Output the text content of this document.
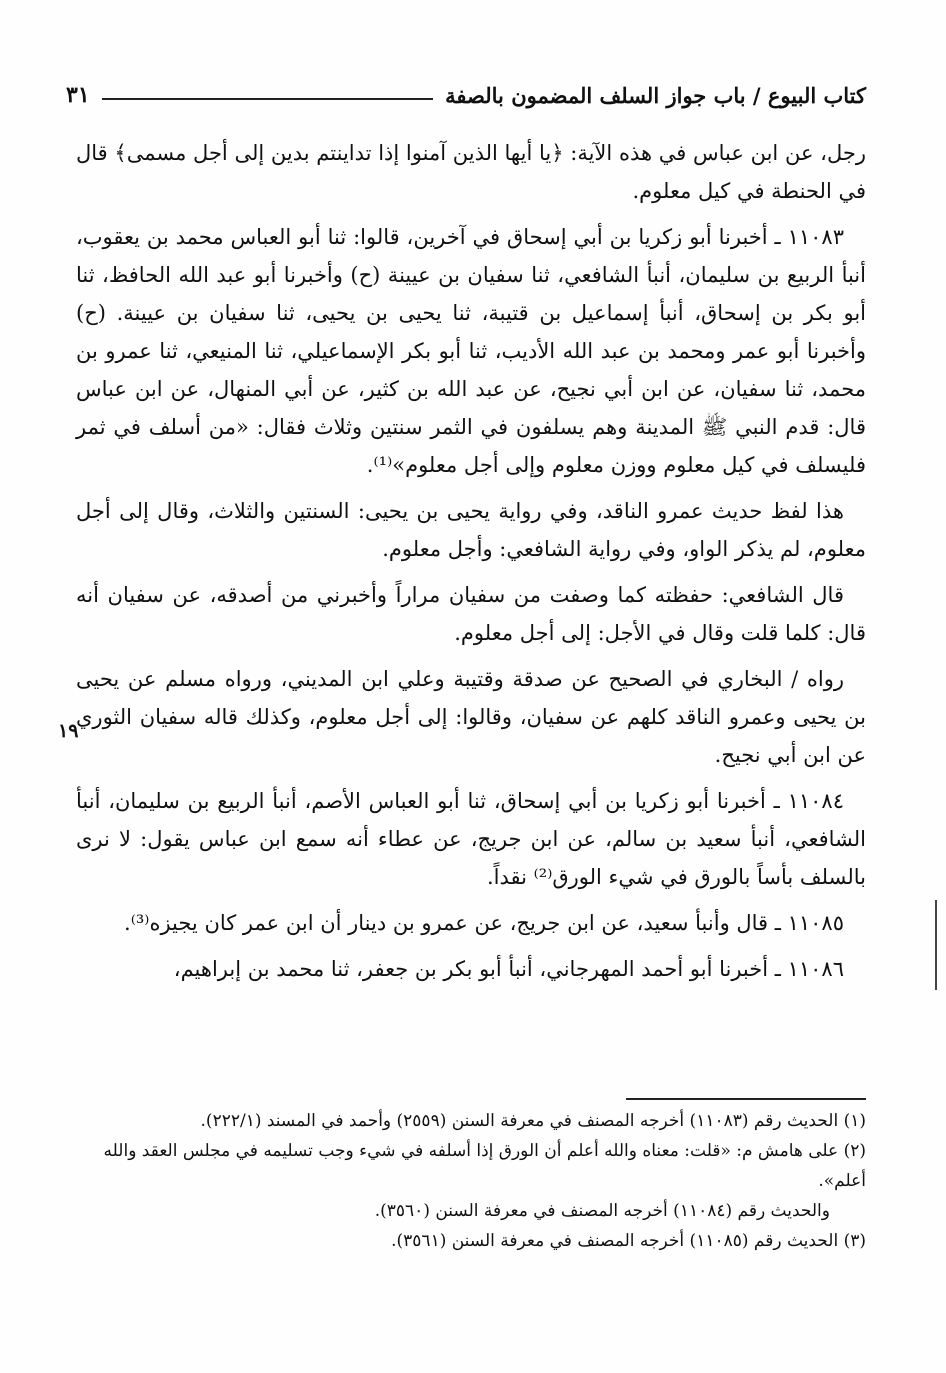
كتاب البيوع / باب جواز السلف المضمون بالصفة
٣١

رجل، عن ابن عباس في هذه الآية: ﴿يا أيها الذين آمنوا إذا تداينتم بدين إلى أجل مسمى﴾ قال في الحنطة في كيل معلوم.

١١٠٨٣ ـ أخبرنا أبو زكريا بن أبي إسحاق في آخرين، قالوا: ثنا أبو العباس محمد بن يعقوب، أنبأ الربيع بن سليمان، أنبأ الشافعي، ثنا سفيان بن عيينة (ح) وأخبرنا أبو عبد الله الحافظ، ثنا أبو بكر بن إسحاق، أنبأ إسماعيل بن قتيبة، ثنا يحيى بن يحيى، ثنا سفيان بن عيينة. (ح) وأخبرنا أبو عمر ومحمد بن عبد الله الأديب، ثنا أبو بكر الإسماعيلي، ثنا المنيعي، ثنا عمرو بن محمد، ثنا سفيان، عن ابن أبي نجيح، عن عبد الله بن كثير، عن أبي المنهال، عن ابن عباس قال: قدم النبي ﷺ المدينة وهم يسلفون في الثمر سنتين وثلاث فقال: «من أسلف في ثمر فليسلف في كيل معلوم ووزن معلوم وإلى أجل معلوم»⁽¹⁾.

هذا لفظ حديث عمرو الناقد، وفي رواية يحيى بن يحيى: السنتين والثلاث، وقال إلى أجل معلوم، لم يذكر الواو، وفي رواية الشافعي: وأجل معلوم.

قال الشافعي: حفظته كما وصفت من سفيان مراراً وأخبرني من أصدقه، عن سفيان أنه قال: كلما قلت وقال في الأجل: إلى أجل معلوم.

رواه / البخاري في الصحيح عن صدقة وقتيبة وعلي ابن المديني، ورواه مسلم عن يحيى بن يحيى وعمرو الناقد كلهم عن سفيان، وقالوا: إلى أجل معلوم، وكذلك قاله سفيان الثوري عن ابن أبي نجيح.

١١٠٨٤ ـ أخبرنا أبو زكريا بن أبي إسحاق، ثنا أبو العباس الأصم، أنبأ الربيع بن سليمان، أنبأ الشافعي، أنبأ سعيد بن سالم، عن ابن جريج، عن عطاء أنه سمع ابن عباس يقول: لا نرى بالسلف بأساً بالورق في شيء الورق⁽²⁾ نقداً.

١١٠٨٥ ـ قال وأنبأ سعيد، عن ابن جريج، عن عمرو بن دينار أن ابن عمر كان يجيزه⁽³⁾.

١١٠٨٦ ـ أخبرنا أبو أحمد المهرجاني، أنبأ أبو بكر بن جعفر، ثنا محمد بن إبراهيم،

١٩

(١) الحديث رقم (١١٠٨٣) أخرجه المصنف في معرفة السنن (٢٥٥٩) وأحمد في المسند (٢٢٢/١).

(٢) على هامش م: «قلت: معناه والله أعلم أن الورق إذا أسلفه في شيء وجب تسليمه في مجلس العقد والله أعلم».

والحديث رقم (١١٠٨٤) أخرجه المصنف في معرفة السنن (٣٥٦٠).

(٣) الحديث رقم (١١٠٨٥) أخرجه المصنف في معرفة السنن (٣٥٦١).
